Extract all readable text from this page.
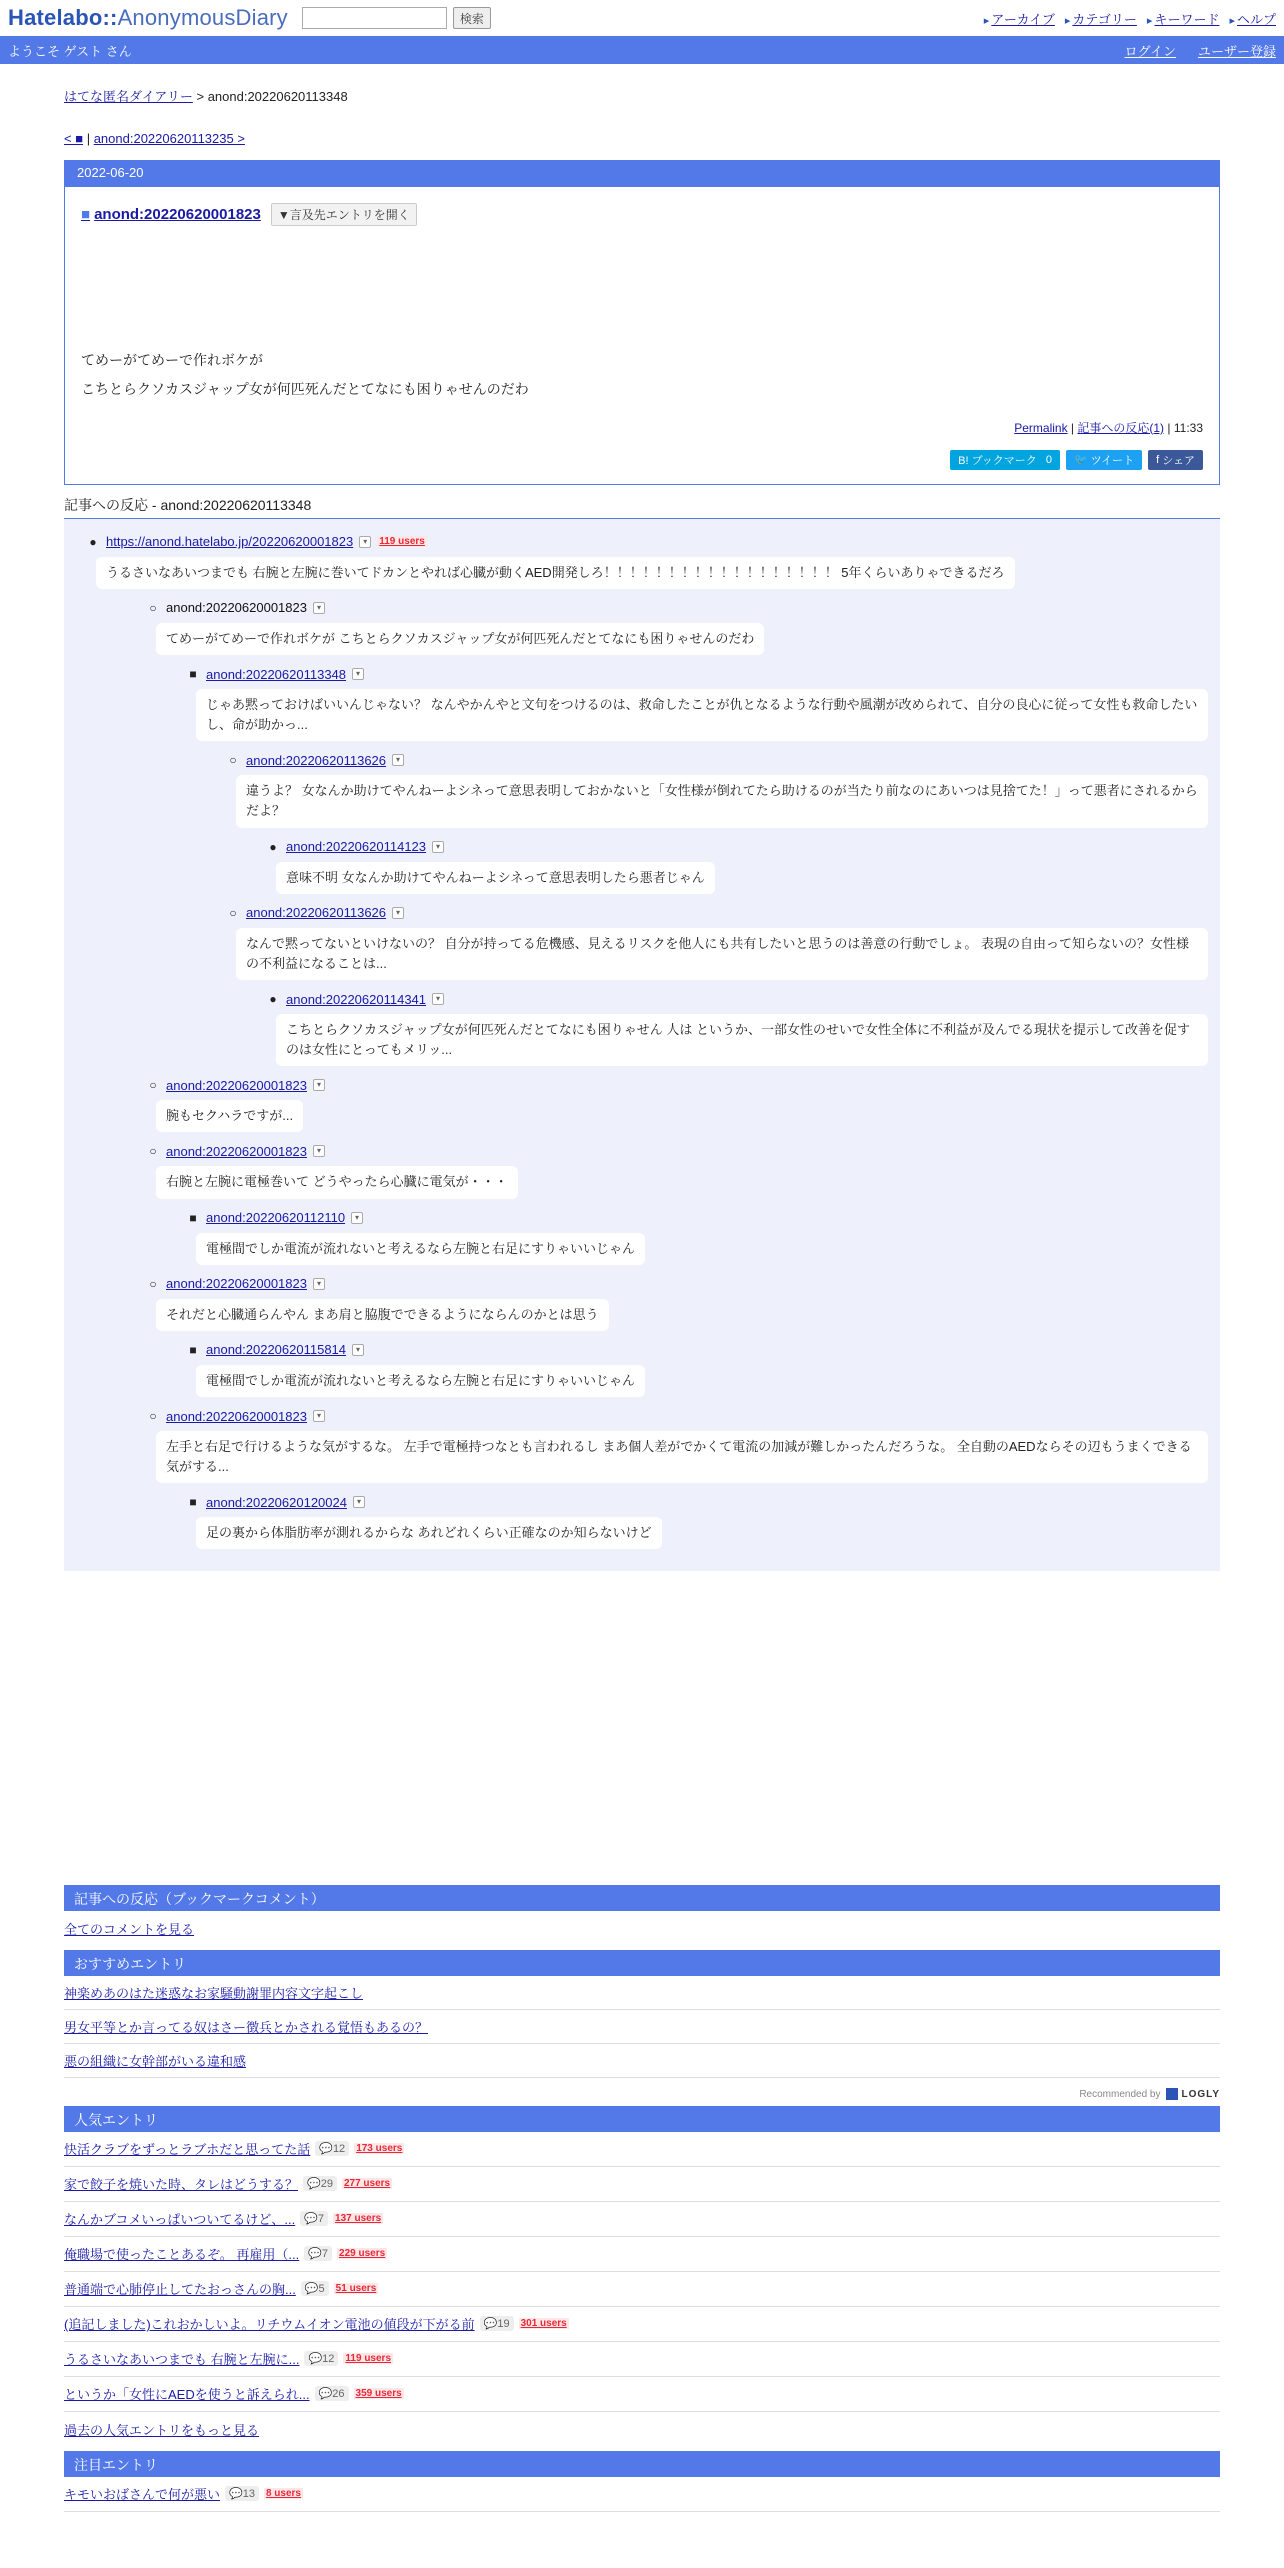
Hatelabo::AnonymousDiary	検索	▸ アーカイブ	▸ カテゴリー	▸ キーワード	▸ ヘルプ
ようこそ ゲスト さん	ログイン ユーザー登録
はてな匿名ダイアリー > anond:20220620113348
< ■ | anond:20220620113235 >
2022-06-20
■ anond:20220620001823	▼言及先エントリを開く
てめーがてめーで作れボケが
こちとらクソカスジャップ女が何匹死んだとてなにも困りゃせんのだわ
Permalink | 記事への反応(1) | 11:33
B! ブックマーク
0 🐦 ツイート f シェア
記事への反応 - anond:20220620113348
● https://anond.hatelabo.jp/20220620001823	▾	119 users
うるさいなあいつまでも 右腕と左腕に巻いてドカンとやれば心臓が動くAED開発しろ！！！！！！！！！！！！！！！！！！ 5年くらいありゃできるだろ
○ anond:20220620001823	▾
てめーがてめーで作れボケが こちとらクソカスジャップ女が何匹死んだとてなにも困りゃせんのだわ
■ anond:20220620113348	▾
じゃあ黙っておけばいいんじゃない？ なんやかんやと文句をつけるのは、救命したことが仇となるような行動や風潮が改められて、自分の良心に従って女性も救命したいし、命が助かっ...
○ anond:20220620113626	▾
違うよ？ 女なんか助けてやんねーよシネって意思表明しておかないと「女性様が倒れてたら助けるのが当たり前なのにあいつは見捨てた！」って悪者にされるからだよ？
● anond:20220620114123	▾
意味不明 女なんか助けてやんねーよシネって意思表明したら悪者じゃん
○ anond:20220620113626	▾
なんで黙ってないといけないの？ 自分が持ってる危機感、見えるリスクを他人にも共有したいと思うのは善意の行動でしょ。 表現の自由って知らないの？女性様の不利益になることは...
● anond:20220620114341	▾
こちとらクソカスジャップ女が何匹死んだとてなにも困りゃせん 人は というか、一部女性のせいで女性全体に不利益が及んでる現状を提示して改善を促すのは女性にとってもメリッ...
○ anond:20220620001823	▾
腕もセクハラですが...
○ anond:20220620001823	▾
右腕と左腕に電極巻いて どうやったら心臓に電気が・・・
■ anond:20220620112110	▾
電極間でしか電流が流れないと考えるなら左腕と右足にすりゃいいじゃん
○ anond:20220620001823	▾
それだと心臓通らんやん まあ肩と脇腹でできるようにならんのかとは思う
■ anond:20220620115814	▾
電極間でしか電流が流れないと考えるなら左腕と右足にすりゃいいじゃん
○ anond:20220620001823	▾
左手と右足で行けるような気がするな。 左手で電極持つなとも言われるし まあ個人差がでかくて電流の加減が難しかったんだろうな。 全自動のAEDならその辺もうまくできる気がする...
■ anond:20220620120024	▾
足の裏から体脂肪率が測れるからな あれどれくらい正確なのか知らないけど
記事への反応（ブックマークコメント）
全てのコメントを見る
おすすめエントリ
神楽めあのはた迷惑なお家騒動謝罪内容文字起こし
男女平等とか言ってる奴はさー徴兵とかされる覚悟もあるの？
悪の組織に女幹部がいる違和感
Recommended by LOGLY
人気エントリ
快活クラブをずっとラブホだと思ってた話 💬12	173 users
家で餃子を焼いた時、タレはどうする？ 💬29	277 users
なんかブコメいっぱいついてるけど、... 💬7	137 users
俺職場で使ったことあるぞ。 再雇用（... 💬7	229 users
普通端で心肺停止してたおっさんの胸... 💬5	51 users
(追記しました)これおかしいよ。リチウムイオン電池の値段が下がる前 💬19	301 users
うるさいなあいつまでも 右腕と左腕に... 💬12	119 users
というか「女性にAEDを使うと訴えられ... 💬26	359 users
過去の人気エントリをもっと見る
注目エントリ
キモいおばさんで何が悪い 💬13	8 users
